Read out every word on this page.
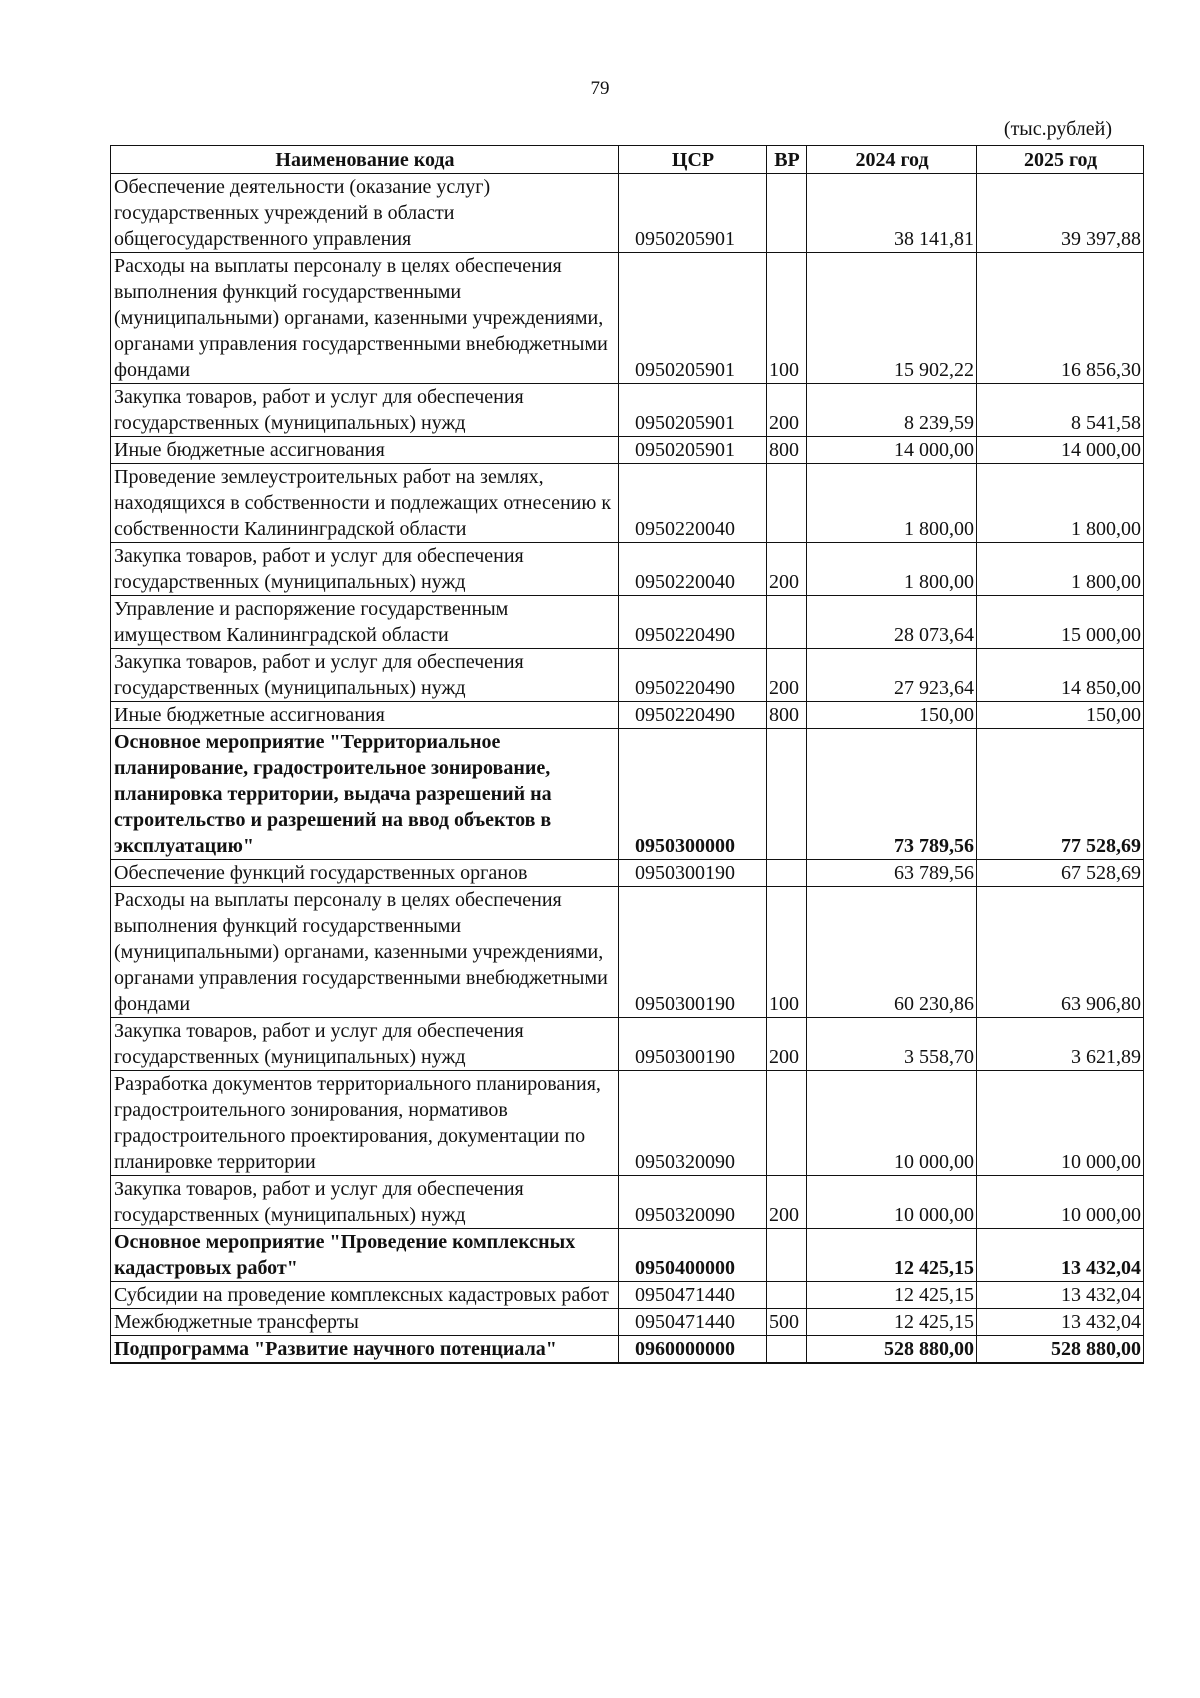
79
(тыс.рублей)
Наименование кода	ЦСР	ВР	2024 год	2025 год
Обеспечение деятельности (оказание услуг) государственных учреждений в области общегосударственного управления	0950205901		38 141,81	39 397,88
Расходы на выплаты персоналу в целях обеспечения выполнения функций государственными (муниципальными) органами, казенными учреждениями, органами управления государственными внебюджетными фондами	0950205901	100	15 902,22	16 856,30
Закупка товаров, работ и услуг для обеспечения государственных (муниципальных) нужд	0950205901	200	8 239,59	8 541,58
Иные бюджетные ассигнования	0950205901	800	14 000,00	14 000,00
Проведение землеустроительных работ на землях, находящихся в собственности и подлежащих отнесению к собственности Калининградской области	0950220040		1 800,00	1 800,00
Закупка товаров, работ и услуг для обеспечения государственных (муниципальных) нужд	0950220040	200	1 800,00	1 800,00
Управление и распоряжение государственным имуществом Калининградской области	0950220490		28 073,64	15 000,00
Закупка товаров, работ и услуг для обеспечения государственных (муниципальных) нужд	0950220490	200	27 923,64	14 850,00
Иные бюджетные ассигнования	0950220490	800	150,00	150,00
Основное мероприятие "Территориальное планирование, градостроительное зонирование, планировка территории, выдача разрешений на строительство и разрешений на ввод объектов в эксплуатацию"	0950300000		73 789,56	77 528,69
Обеспечение функций государственных органов	0950300190		63 789,56	67 528,69
Расходы на выплаты персоналу в целях обеспечения выполнения функций государственными (муниципальными) органами, казенными учреждениями, органами управления государственными внебюджетными фондами	0950300190	100	60 230,86	63 906,80
Закупка товаров, работ и услуг для обеспечения государственных (муниципальных) нужд	0950300190	200	3 558,70	3 621,89
Разработка документов территориального планирования, градостроительного зонирования, нормативов градостроительного проектирования, документации по планировке территории	0950320090		10 000,00	10 000,00
Закупка товаров, работ и услуг для обеспечения государственных (муниципальных) нужд	0950320090	200	10 000,00	10 000,00
Основное мероприятие "Проведение комплексных кадастровых работ"	0950400000		12 425,15	13 432,04
Субсидии на проведение комплексных кадастровых работ	0950471440		12 425,15	13 432,04
Межбюджетные трансферты	0950471440	500	12 425,15	13 432,04
Подпрограмма "Развитие научного потенциала"	0960000000		528 880,00	528 880,00
